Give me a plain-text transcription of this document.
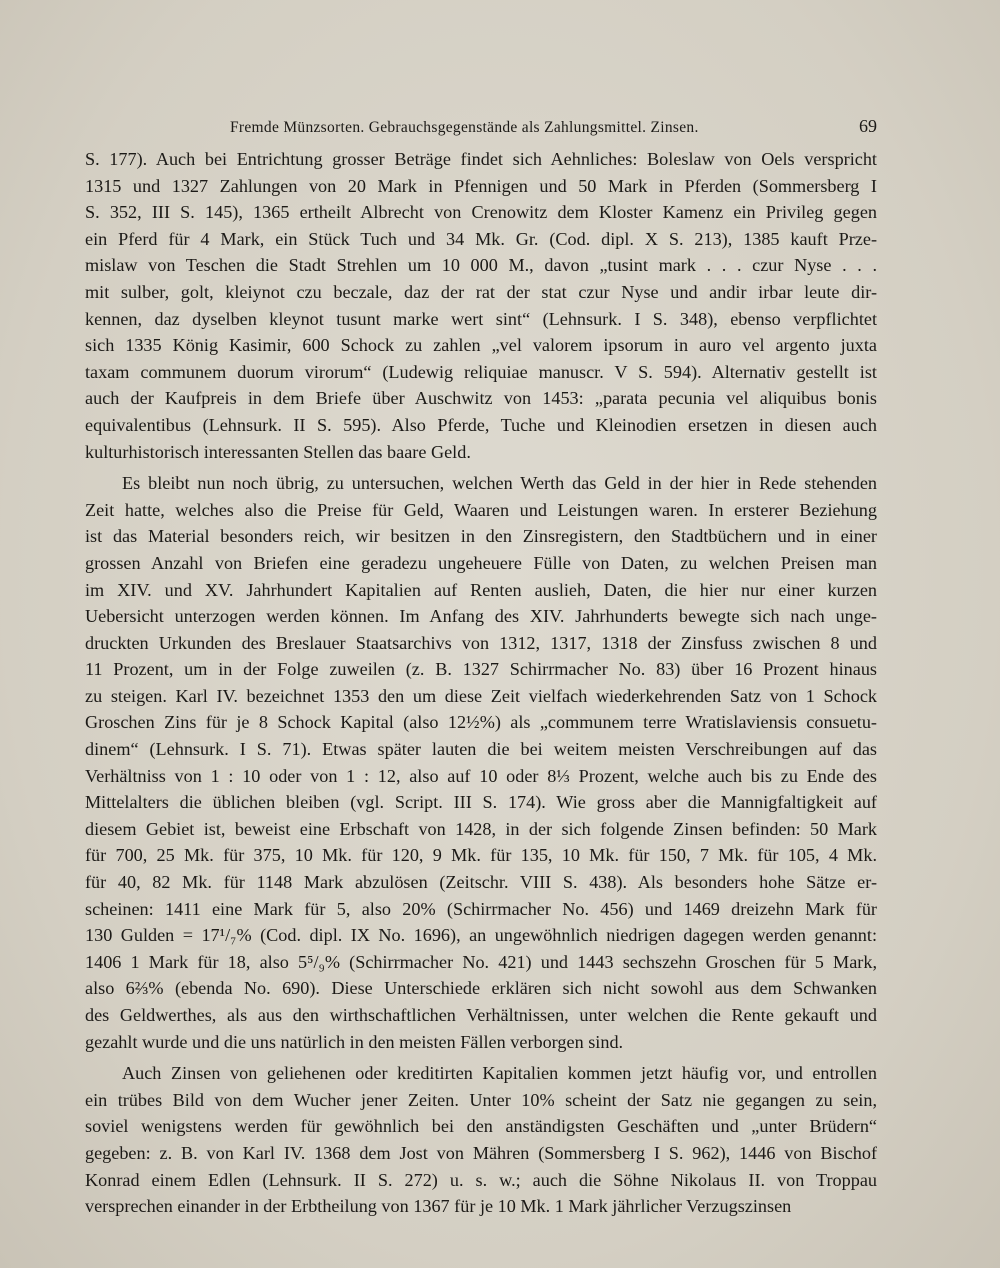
Fremde Münzsorten. Gebrauchsgegenstände als Zahlungsmittel. Zinsen.	69
S. 177). Auch bei Entrichtung grosser Beträge findet sich Aehnliches: Boleslaw von Oels verspricht
1315 und 1327 Zahlungen von 20 Mark in Pfennigen und 50 Mark in Pferden (Sommersberg I
S. 352, III S. 145), 1365 ertheilt Albrecht von Crenowitz dem Kloster Kamenz ein Privileg gegen
ein Pferd für 4 Mark, ein Stück Tuch und 34 Mk. Gr. (Cod. dipl. X S. 213), 1385 kauft Prze-
mislaw von Teschen die Stadt Strehlen um 10 000 M., davon „tusint mark . . . czur Nyse . . .
mit sulber, golt, kleiynot czu beczale, daz der rat der stat czur Nyse und andir irbar leute dir-
kennen, daz dyselben kleynot tusunt marke wert sint“ (Lehnsurk. I S. 348), ebenso verpflichtet
sich 1335 König Kasimir, 600 Schock zu zahlen „vel valorem ipsorum in auro vel argento juxta
taxam communem duorum virorum“ (Ludewig reliquiae manuscr. V S. 594). Alternativ gestellt ist
auch der Kaufpreis in dem Briefe über Auschwitz von 1453: „parata pecunia vel aliquibus bonis
equivalentibus (Lehnsurk. II S. 595). Also Pferde, Tuche und Kleinodien ersetzen in diesen auch
kulturhistorisch interessanten Stellen das baare Geld.
Es bleibt nun noch übrig, zu untersuchen, welchen Werth das Geld in der hier in Rede stehenden
Zeit hatte, welches also die Preise für Geld, Waaren und Leistungen waren. In ersterer Beziehung
ist das Material besonders reich, wir besitzen in den Zinsregistern, den Stadtbüchern und in einer
grossen Anzahl von Briefen eine geradezu ungeheuere Fülle von Daten, zu welchen Preisen man
im XIV. und XV. Jahrhundert Kapitalien auf Renten auslieh, Daten, die hier nur einer kurzen
Uebersicht unterzogen werden können. Im Anfang des XIV. Jahrhunderts bewegte sich nach unge-
druckten Urkunden des Breslauer Staatsarchivs von 1312, 1317, 1318 der Zinsfuss zwischen 8 und
11 Prozent, um in der Folge zuweilen (z. B. 1327 Schirrmacher No. 83) über 16 Prozent hinaus
zu steigen. Karl IV. bezeichnet 1353 den um diese Zeit vielfach wiederkehrenden Satz von 1 Schock
Groschen Zins für je 8 Schock Kapital (also 12½%) als „communem terre Wratislaviensis consuetu-
dinem“ (Lehnsurk. I S. 71). Etwas später lauten die bei weitem meisten Verschreibungen auf das
Verhältniss von 1 : 10 oder von 1 : 12, also auf 10 oder 8⅓ Prozent, welche auch bis zu Ende des
Mittelalters die üblichen bleiben (vgl. Script. III S. 174). Wie gross aber die Mannigfaltigkeit auf
diesem Gebiet ist, beweist eine Erbschaft von 1428, in der sich folgende Zinsen befinden: 50 Mark
für 700, 25 Mk. für 375, 10 Mk. für 120, 9 Mk. für 135, 10 Mk. für 150, 7 Mk. für 105, 4 Mk.
für 40, 82 Mk. für 1148 Mark abzulösen (Zeitschr. VIII S. 438). Als besonders hohe Sätze er-
scheinen: 1411 eine Mark für 5, also 20% (Schirrmacher No. 456) und 1469 dreizehn Mark für
130 Gulden = 17¹/₇% (Cod. dipl. IX No. 1696), an ungewöhnlich niedrigen dagegen werden genannt:
1406 1 Mark für 18, also 5⁵/₉% (Schirrmacher No. 421) und 1443 sechszehn Groschen für 5 Mark,
also 6⅔% (ebenda No. 690). Diese Unterschiede erklären sich nicht sowohl aus dem Schwanken
des Geldwerthes, als aus den wirthschaftlichen Verhältnissen, unter welchen die Rente gekauft und
gezahlt wurde und die uns natürlich in den meisten Fällen verborgen sind.
Auch Zinsen von geliehenen oder kreditirten Kapitalien kommen jetzt häufig vor, und entrollen
ein trübes Bild von dem Wucher jener Zeiten. Unter 10% scheint der Satz nie gegangen zu sein,
soviel wenigstens werden für gewöhnlich bei den anständigsten Geschäften und „unter Brüdern“
gegeben: z. B. von Karl IV. 1368 dem Jost von Mähren (Sommersberg I S. 962), 1446 von Bischof
Konrad einem Edlen (Lehnsurk. II S. 272) u. s. w.; auch die Söhne Nikolaus II. von Troppau
versprechen einander in der Erbtheilung von 1367 für je 10 Mk. 1 Mark jährlicher Verzugszinsen
